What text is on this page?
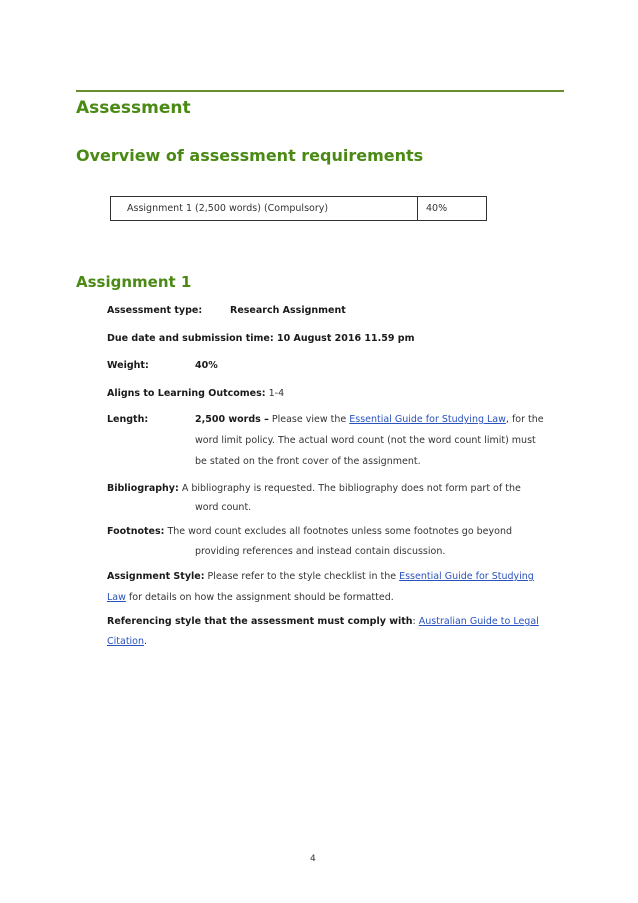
Assessment
Overview of assessment requirements
Assignment 1 (2,500 words) (Compulsory)	40%
Assignment 1
Assessment type:	Research Assignment
Due date and submission time: 10 August 2016 11.59 pm
Weight:	40%
Aligns to Learning Outcomes: 1-4
Length:	2,500 words – Please view the Essential Guide for Studying Law, for the
word limit policy. The actual word count (not the word count limit) must
be stated on the front cover of the assignment.
Bibliography: A bibliography is requested. The bibliography does not form part of the
word count.
Footnotes: The word count excludes all footnotes unless some footnotes go beyond
providing references and instead contain discussion.
Assignment Style: Please refer to the style checklist in the Essential Guide for Studying
Law for details on how the assignment should be formatted.
Referencing style that the assessment must comply with: Australian Guide to Legal
Citation.
4
